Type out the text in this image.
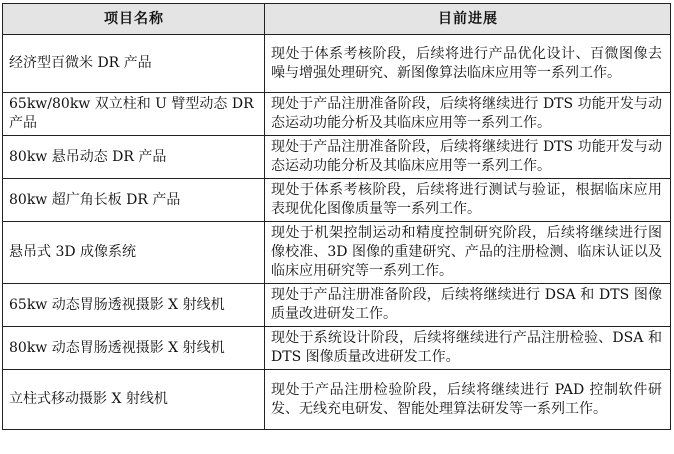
项目名称	目前进展
经济型百微米 DR 产品	现处于体系考核阶段，后续将进行产品优化设计、百微图像去噪与增强处理研究、新图像算法临床应用等一系列工作。
65kw/80kw 双立柱和 U 臂型动态 DR 产品	现处于产品注册准备阶段，后续将继续进行 DTS 功能开发与动态运动功能分析及其临床应用等一系列工作。
80kw 悬吊动态 DR 产品	现处于产品注册准备阶段，后续将继续进行 DTS 功能开发与动态运动功能分析及其临床应用等一系列工作。
80kw 超广角长板 DR 产品	现处于体系考核阶段，后续将进行测试与验证，根据临床应用表现优化图像质量等一系列工作。
悬吊式 3D 成像系统	现处于机架控制运动和精度控制研究阶段，后续将继续进行图像校准、3D 图像的重建研究、产品的注册检测、临床认证以及临床应用研究等一系列工作。
65kw 动态胃肠透视摄影 X 射线机	现处于产品注册准备阶段，后续将继续进行 DSA 和 DTS 图像质量改进研发工作。
80kw 动态胃肠透视摄影 X 射线机	现处于系统设计阶段，后续将继续进行产品注册检验、DSA 和 DTS 图像质量改进研发工作。
立柱式移动摄影 X 射线机	现处于产品注册检验阶段，后续将继续进行 PAD 控制软件研发、无线充电研发、智能处理算法研发等一系列工作。
